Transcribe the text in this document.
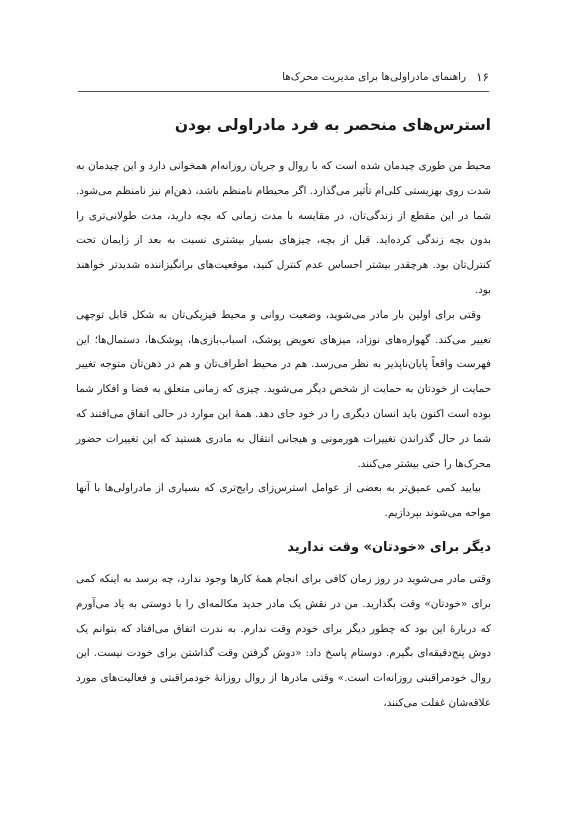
۱۶
راهنمای مادراولی‌ها برای مدیریت محرک‌ها
استرس‌های منحصر به فرد مادراولی بودن

محیط من طوری چیدمان شده است که با روال و جریان روزانه‌ام همخوانی دارد و این چیدمان به شدت روی بهزیستی کلی‌ام تأثیر می‌گذارد. اگر محیطام نامنظم باشد، ذهن‌ام نیز نامنظم می‌شود. شما در این مقطع از زندگی‌تان، در مقایسه با مدت زمانی که بچه دارید، مدت طولانی‌تری را بدون بچه زندگی کرده‌اید. قبل از بچه، چیزهای بسیار بیشتری نسبت به بعد از زایمان تحت کنترل‌تان بود. هرچقدر بیشتر احساس عدم کنترل کنید، موقعیت‌های برانگیزاننده شدیدتر خواهند بود.

وقتی برای اولین بار مادر می‌شوید، وضعیت روانی و محیط فیزیکی‌تان به شکل قابل توجهی تغییر می‌کند. گهواره‌های نوزاد، میزهای تعویض پوشک، اسباب‌بازی‌ها، پوشک‌ها، دستمال‌ها؛ این فهرست واقعاً پایان‌ناپذیر به نظر می‌رسد. هم در محیط اطراف‌تان و هم در ذهن‌تان متوجه تغییر حمایت از خودتان به حمایت از شخص دیگر می‌شوید. چیزی که زمانی متعلق به فضا و افکار شما بوده است اکنون باید انسان دیگری را در خود جای دهد. همهٔ این موارد در حالی اتفاق می‌افتند که شما در حال گذراندن تغییرات هورمونی و هیجانی انتقال به مادری هستید که این تغییرات حضور محرک‌ها را حتی بیشتر می‌کنند.

بیایید کمی عمیق‌تر به بعضی از عوامل استرس‌زای رایج‌تری که بسیاری از مادراولی‌ها با آنها مواجه می‌شوند بپردازیم.

دیگر برای «خودتان» وقت ندارید

وقتی مادر می‌شوید در روز زمان کافی برای انجام همهٔ کارها وجود ندارد، چه برسد به اینکه کمی برای «خودتان» وقت بگذارید. من در نقش یک مادر جدید مکالمه‌ای را با دوستی به یاد می‌آورم که دربارهٔ این بود که چطور دیگر برای خودم وقت ندارم. به ندرت اتفاق می‌افتاد که بتوانم یک دوش پنج‌دقیقه‌ای بگیرم. دوستام پاسخ داد: «دوش گرفتن وقت گذاشتن برای خودت نیست. این روال خودمراقبتی روزانه‌ات است.» وقتی مادرها از روال روزانهٔ خودمراقبتی و فعالیت‌های مورد علاقه‌شان غفلت می‌کنند،
